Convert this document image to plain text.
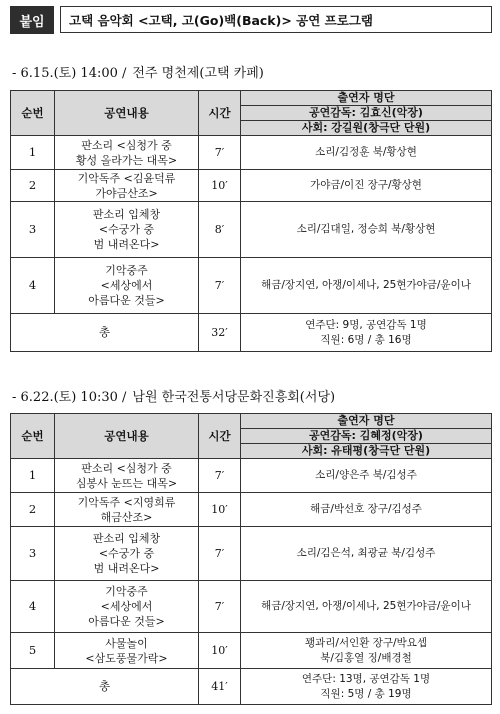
붙임	고택 음악회 <고택, 고(Go)백(Back)> 공연 프로그램
- 6.15.(토) 14:00 / 전주 명천제(고택 카페)
순번	공연내용	시간	출연자 명단
공연감독: 김효신(악장)
사회: 강길원(창극단 단원)

1	판소리 <심청가 중
황성 올라가는 대목>	7′	소리/김정훈 북/황상현
2	기악독주 <김윤덕류
가야금산조>	10′	가야금/이진 장구/황상현
3	판소리 입체창
<수궁가 중
범 내려온다>	8′	소리/김대일, 정승희 북/황상현
4	기악중주
<세상에서
아름다운 것들>	7′	해금/장지연, 아쟁/이세나, 25현가야금/윤이나
총		32′	연주단: 9명, 공연감독 1명
직원: 6명 / 총 16명
- 6.22.(토) 10:30 / 남원 한국전통서당문화진흥회(서당)
순번	공연내용	시간	출연자 명단
공연감독: 김혜정(악장)
사회: 유태평(창극단 단원)

1	판소리 <심청가 중
심봉사 눈뜨는 대목>	7′	소리/양은주 북/김성주
2	기악독주 <지영희류
해금산조>	10′	해금/박선호 장구/김성주
3	판소리 입체창
<수궁가 중
범 내려온다>	7′	소리/김은석, 최광균 북/김성주
4	기악중주
<세상에서
아름다운 것들>	7′	해금/장지연, 아쟁/이세나, 25현가야금/윤이나
5	사물놀이
<삼도풍물가락>	10′	꽹과리/서인환 장구/박요셉
북/김홍열 징/배경철
총		41′	연주단: 13명, 공연감독 1명
직원: 5명 / 총 19명
